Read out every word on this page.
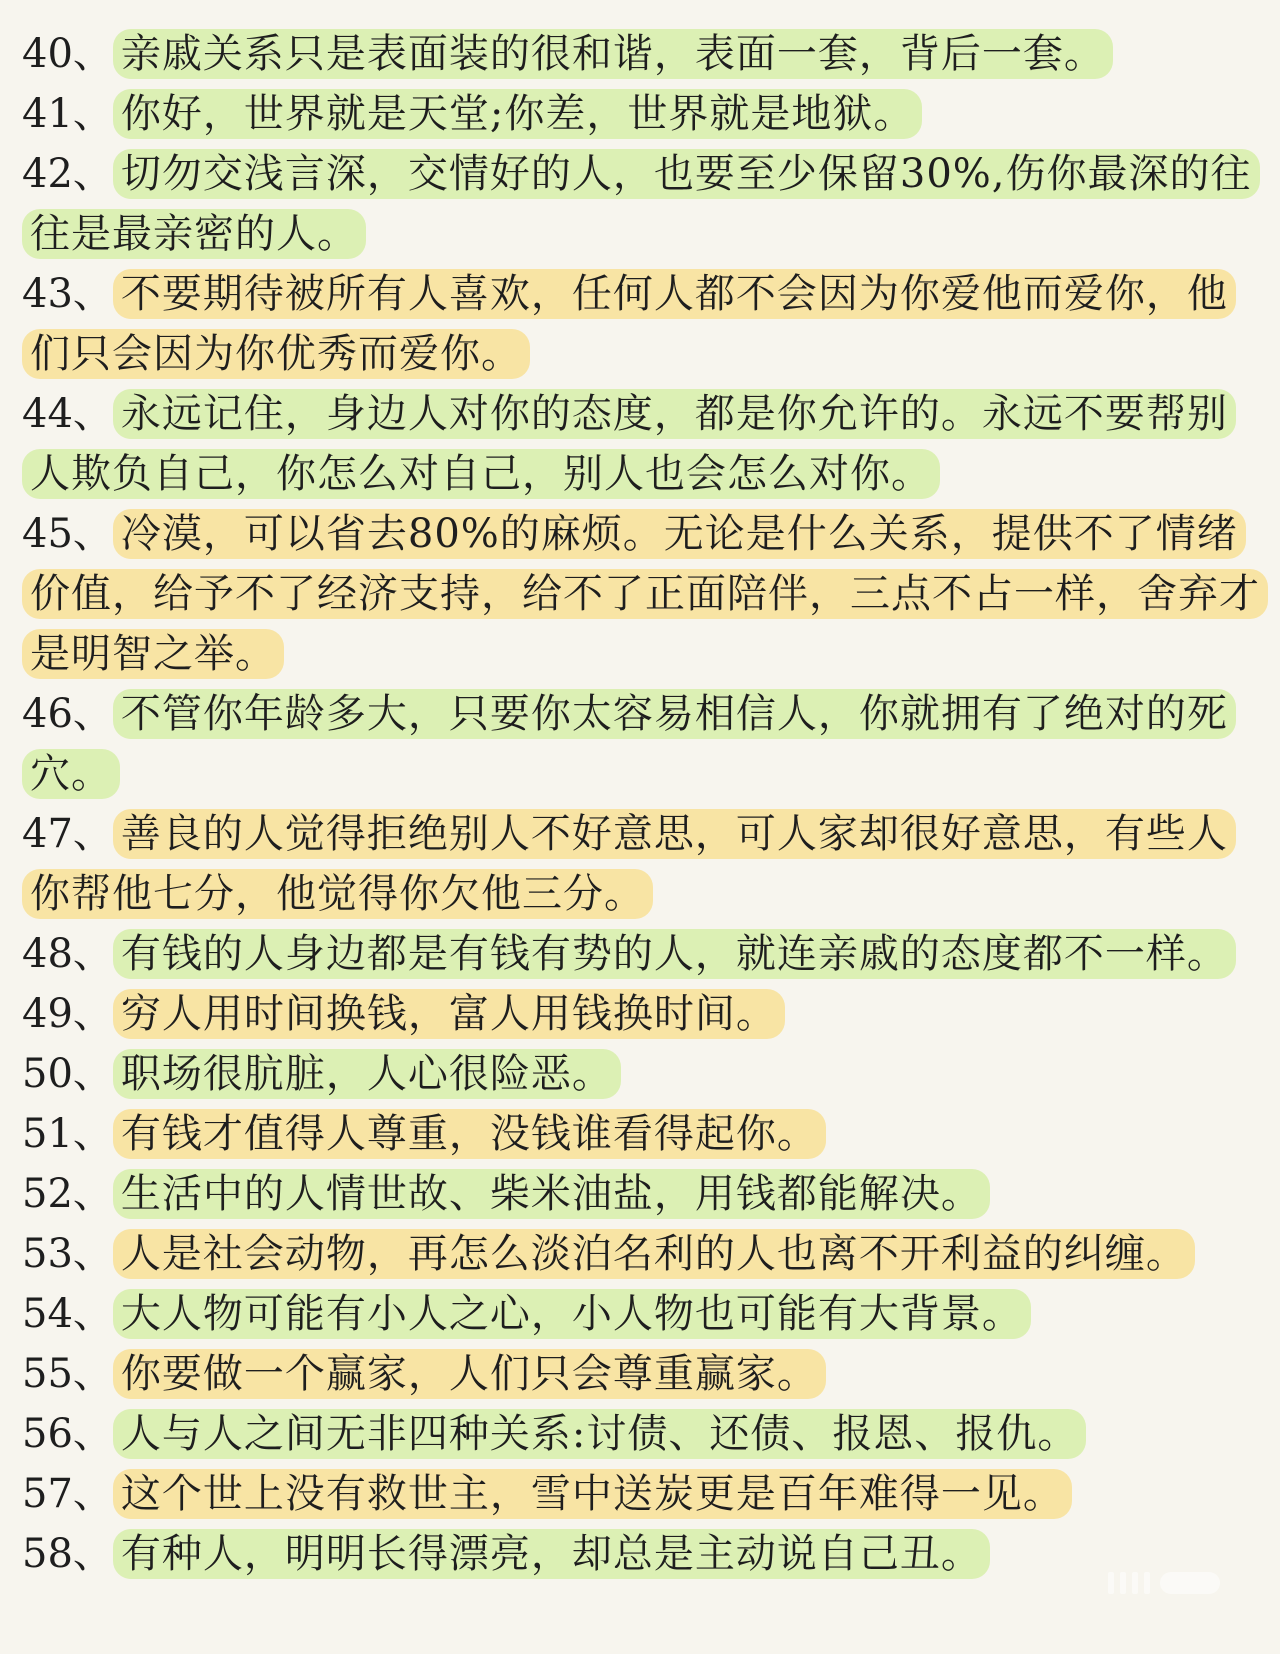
40、 亲戚关系只是表面装的很和谐，表面一套，背后一套。

41、 你好，世界就是天堂;你差，世界就是地狱。

42、 切勿交浅言深，交情好的人，也要至少保留30%,伤你最深的往往是最亲密的人。

43、 不要期待被所有人喜欢，任何人都不会因为你爱他而爱你，他们只会因为你优秀而爱你。

44、 永远记住，身边人对你的态度，都是你允许的。永远不要帮别人欺负自己，你怎么对自己，别人也会怎么对你。

45、 冷漠，可以省去80%的麻烦。无论是什么关系，提供不了情绪价值，给予不了经济支持，给不了正面陪伴，三点不占一样，舍弃才是明智之举。

46、 不管你年龄多大，只要你太容易相信人，你就拥有了绝对的死穴。

47、 善良的人觉得拒绝别人不好意思，可人家却很好意思，有些人你帮他七分，他觉得你欠他三分。

48、 有钱的人身边都是有钱有势的人，就连亲戚的态度都不一样。

49、 穷人用时间换钱，富人用钱换时间。

50、 职场很肮脏，人心很险恶。

51、 有钱才值得人尊重，没钱谁看得起你。

52、 生活中的人情世故、柴米油盐，用钱都能解决。

53、 人是社会动物，再怎么淡泊名利的人也离不开利益的纠缠。

54、 大人物可能有小人之心，小人物也可能有大背景。

55、 你要做一个赢家，人们只会尊重赢家。

56、 人与人之间无非四种关系:讨债、还债、报恩、报仇。

57、 这个世上没有救世主，雪中送炭更是百年难得一见。

58、 有种人，明明长得漂亮，却总是主动说自己丑。
